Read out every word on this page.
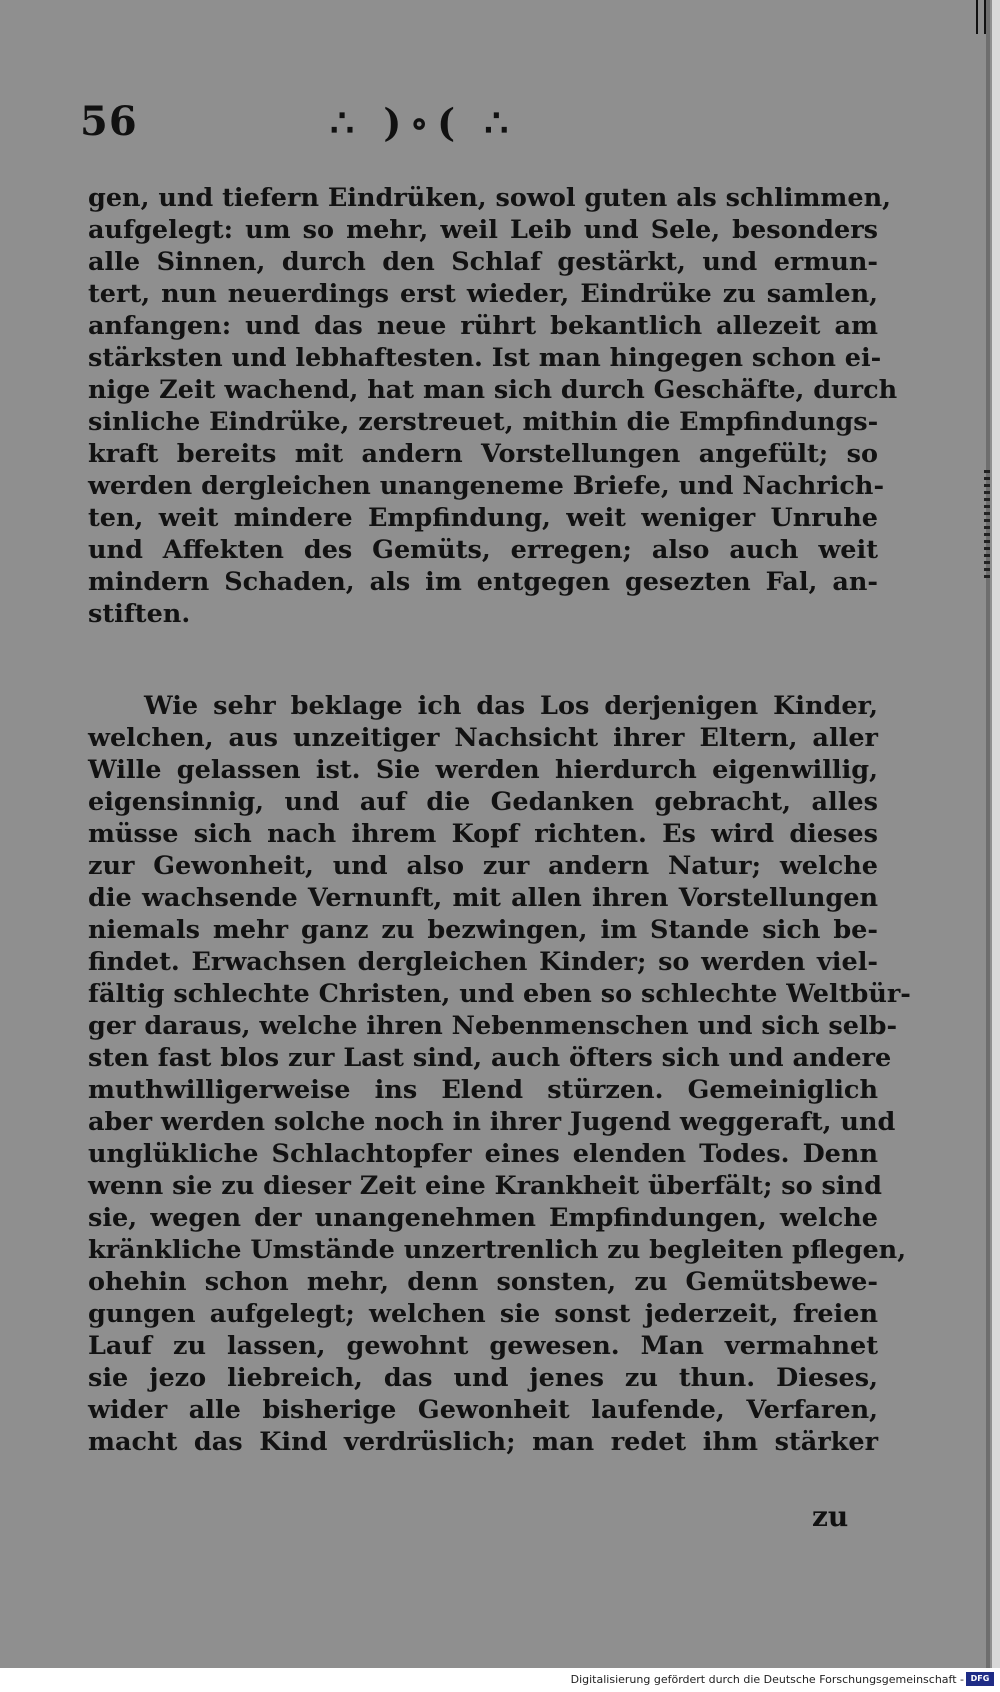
56	∴ )∘( ∴
gen, und tiefern Eindrüken, sowol guten als schlimmen,
aufgelegt: um so mehr, weil Leib und Sele, besonders
alle Sinnen, durch den Schlaf gestärkt, und ermun-
tert, nun neuerdings erst wieder, Eindrüke zu samlen,
anfangen: und das neue rührt bekantlich allezeit am
stärksten und lebhaftesten. Ist man hingegen schon ei-
nige Zeit wachend, hat man sich durch Geschäfte, durch
sinliche Eindrüke, zerstreuet, mithin die Empfindungs-
kraft bereits mit andern Vorstellungen angefült; so
werden dergleichen unangeneme Briefe, und Nachrich-
ten, weit mindere Empfindung, weit weniger Unruhe
und Affekten des Gemüts, erregen; also auch weit
mindern Schaden, als im entgegen gesezten Fal, an-
stiften.
Wie sehr beklage ich das Los derjenigen Kinder,
welchen, aus unzeitiger Nachsicht ihrer Eltern, aller
Wille gelassen ist. Sie werden hierdurch eigenwillig,
eigensinnig, und auf die Gedanken gebracht, alles
müsse sich nach ihrem Kopf richten. Es wird dieses
zur Gewonheit, und also zur andern Natur; welche
die wachsende Vernunft, mit allen ihren Vorstellungen
niemals mehr ganz zu bezwingen, im Stande sich be-
findet. Erwachsen dergleichen Kinder; so werden viel-
fältig schlechte Christen, und eben so schlechte Weltbür-
ger daraus, welche ihren Nebenmenschen und sich selb-
sten fast blos zur Last sind, auch öfters sich und andere
muthwilligerweise ins Elend stürzen. Gemeiniglich
aber werden solche noch in ihrer Jugend weggeraft, und
unglükliche Schlachtopfer eines elenden Todes. Denn
wenn sie zu dieser Zeit eine Krankheit überfält; so sind
sie, wegen der unangenehmen Empfindungen, welche
kränkliche Umstände unzertrenlich zu begleiten pflegen,
ohehin schon mehr, denn sonsten, zu Gemütsbewe-
gungen aufgelegt; welchen sie sonst jederzeit, freien
Lauf zu lassen, gewohnt gewesen. Man vermahnet
sie jezo liebreich, das und jenes zu thun. Dieses,
wider alle bisherige Gewonheit laufende, Verfaren,
macht das Kind verdrüslich; man redet ihm stärker
zu
Digitalisierung gefördert durch die Deutsche Forschungsgemeinschaft - DFG
